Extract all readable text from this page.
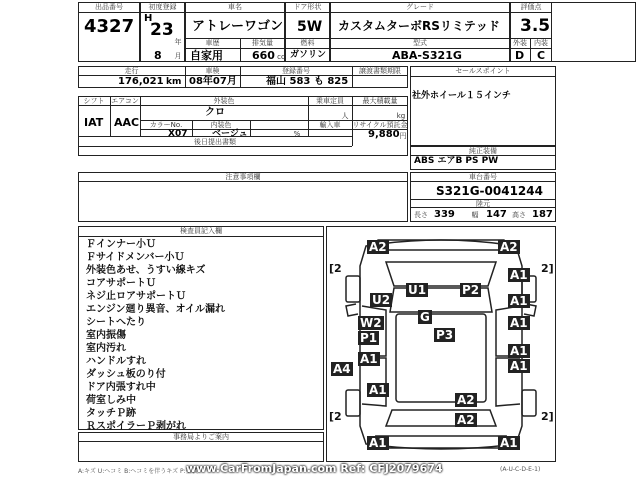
出品番号	初度登録	車名	ドア形状	グレード	評価点
4327 H
23
年
8	月
アトレーワゴン 5W カスタムターボRSリミテッド 3.5
車歴	排気量	燃料	型式	外装	内装
自家用	660 cc ガソリン	ABA-S321G	D C
走行	車検	登録番号	譲渡書類期限
176,021 km 08年07月	福山 583 も 825
セールスポイント
社外ホイール１５インチ
シフト エアコン	外装色	乗車定員	最大積載量
IAT AAC
クロ	人	kg
カラーNo.	内装色	輸入車	リサイクル預託金
X07	ベージュ	%	9,880 円
後日提出書類
純正装備
ABS エアB PS PW
注意事項欄	車台番号
S321G-0041244
陸元
長さ 339 幅 147 高さ 187
検査員記入欄
Ｆインナー小Ｕ
Ｆサイドメンバー小Ｕ
外装色あせ、うすい線キズ
コアサポートＵ
ネジ止ロアサポートＵ
エンジン廻り異音、オイル漏れ
シートへたり
室内振傷
室内汚れ
ハンドルすれ
ダッシュ板のり付
ドア内張すれ中
荷室しみ中
タッチＰ跡
ＲスポイラーＰ剥がれ
事務局よりご案内
A2	A2
A1
U2
U1	P2
A1
G
W2	A1
P1	P3
A1
A1	A1
A4
A1
A2
A2
A1	A1
[2	2]
[2	2]
A:キズ U:ヘコミ B:ヘコミを伴うキズ P:塗装
www.CarFromJapan.com Ref: CFJ2079674	(A-U-C-D-E-1)
